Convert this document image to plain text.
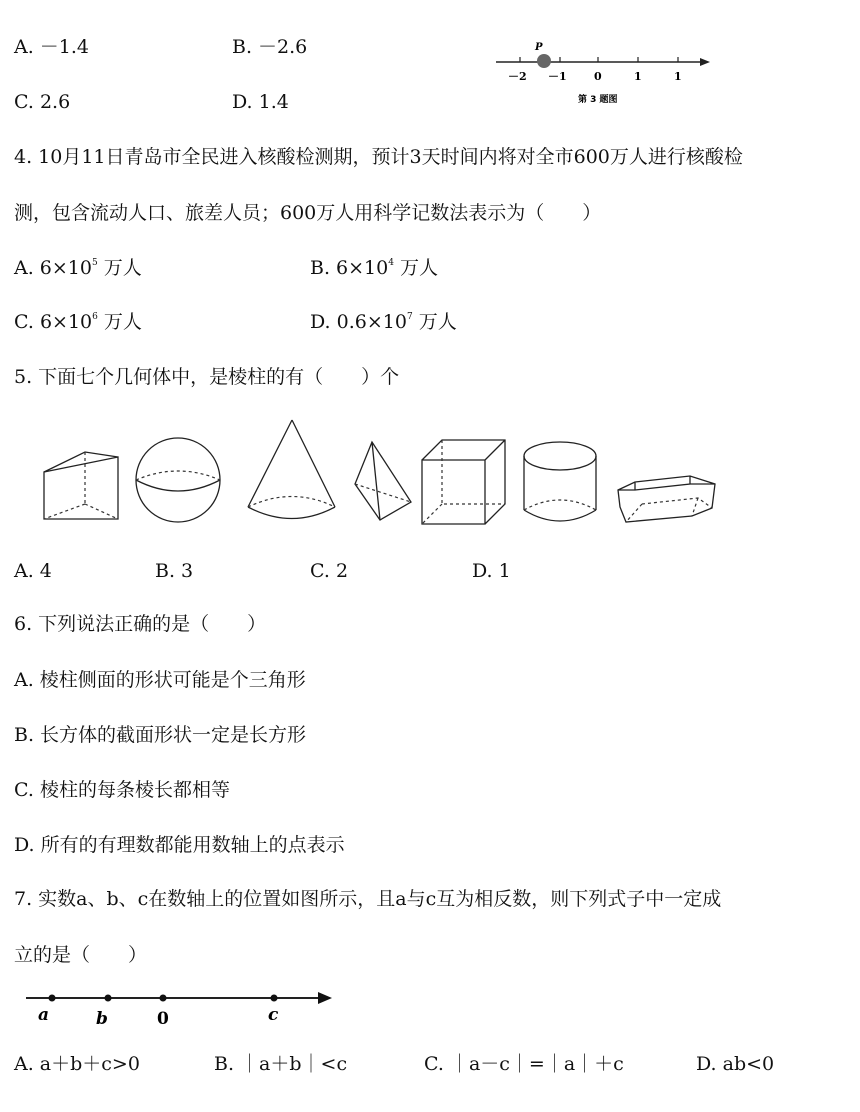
A. －1.4	B. －2.6
C. 2.6	D. 1.4
P
－2 －1 0	1	1
第 3 题图
4. 10月11日青岛市全民进入核酸检测期，预计3天时间内将对全市600万人进行核酸检
测，包含流动人口、旅差人员；600万人用科学记数法表示为（　　）
A. $6\times 10^5$ 万人	B. $6\times 10^4$ 万人
C. $6\times 10^6$ 万人	D. $0.6\times 10^7$ 万人
5. 下面七个几何体中，是棱柱的有（　　）个
A. 4	B. 3	C. 2	D. 1
6. 下列说法正确的是（　　）
A. 棱柱侧面的形状可能是个三角形
B. 长方体的截面形状一定是长方形
C. 棱柱的每条棱长都相等
D. 所有的有理数都能用数轴上的点表示
7. 实数a、b、c在数轴上的位置如图所示，且a与c互为相反数，则下列式子中一定成
立的是（　　）
a	b	0	c
A. a＋b＋c>0	B. ｜a＋b｜<c	C. ｜a－c｜=｜a｜＋c	D. ab<0
